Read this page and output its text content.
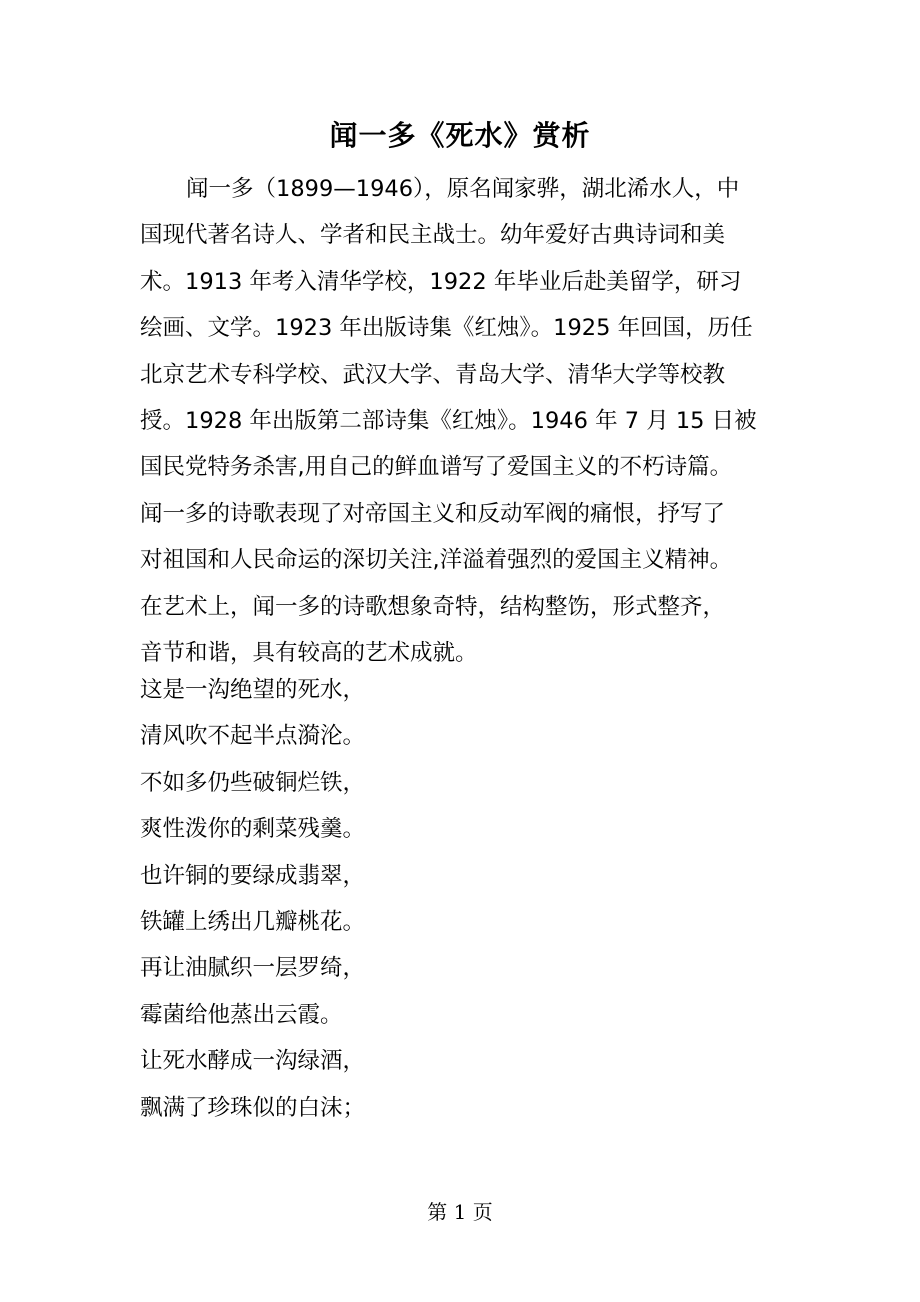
闻一多《死水》赏析
闻一多（1899—1946），原名闻家骅，湖北浠水人，中
国现代著名诗人、学者和民主战士。幼年爱好古典诗词和美
术。1913 年考入清华学校，1922 年毕业后赴美留学，研习
绘画、文学。1923 年出版诗集《红烛》。1925 年回国，历任
北京艺术专科学校、武汉大学、青岛大学、清华大学等校教
授。1928 年出版第二部诗集《红烛》。1946 年 7 月 15 日被
国民党特务杀害,用自己的鲜血谱写了爱国主义的不朽诗篇。
闻一多的诗歌表现了对帝国主义和反动军阀的痛恨，抒写了
对祖国和人民命运的深切关注,洋溢着强烈的爱国主义精神。
在艺术上，闻一多的诗歌想象奇特，结构整饬，形式整齐，
音节和谐，具有较高的艺术成就。
这是一沟绝望的死水，
清风吹不起半点漪沦。
不如多仍些破铜烂铁，
爽性泼你的剩菜残羹。
也许铜的要绿成翡翠，
铁罐上绣出几瓣桃花。
再让油腻织一层罗绮，
霉菌给他蒸出云霞。
让死水酵成一沟绿酒，
飘满了珍珠似的白沫；
第 1 页
